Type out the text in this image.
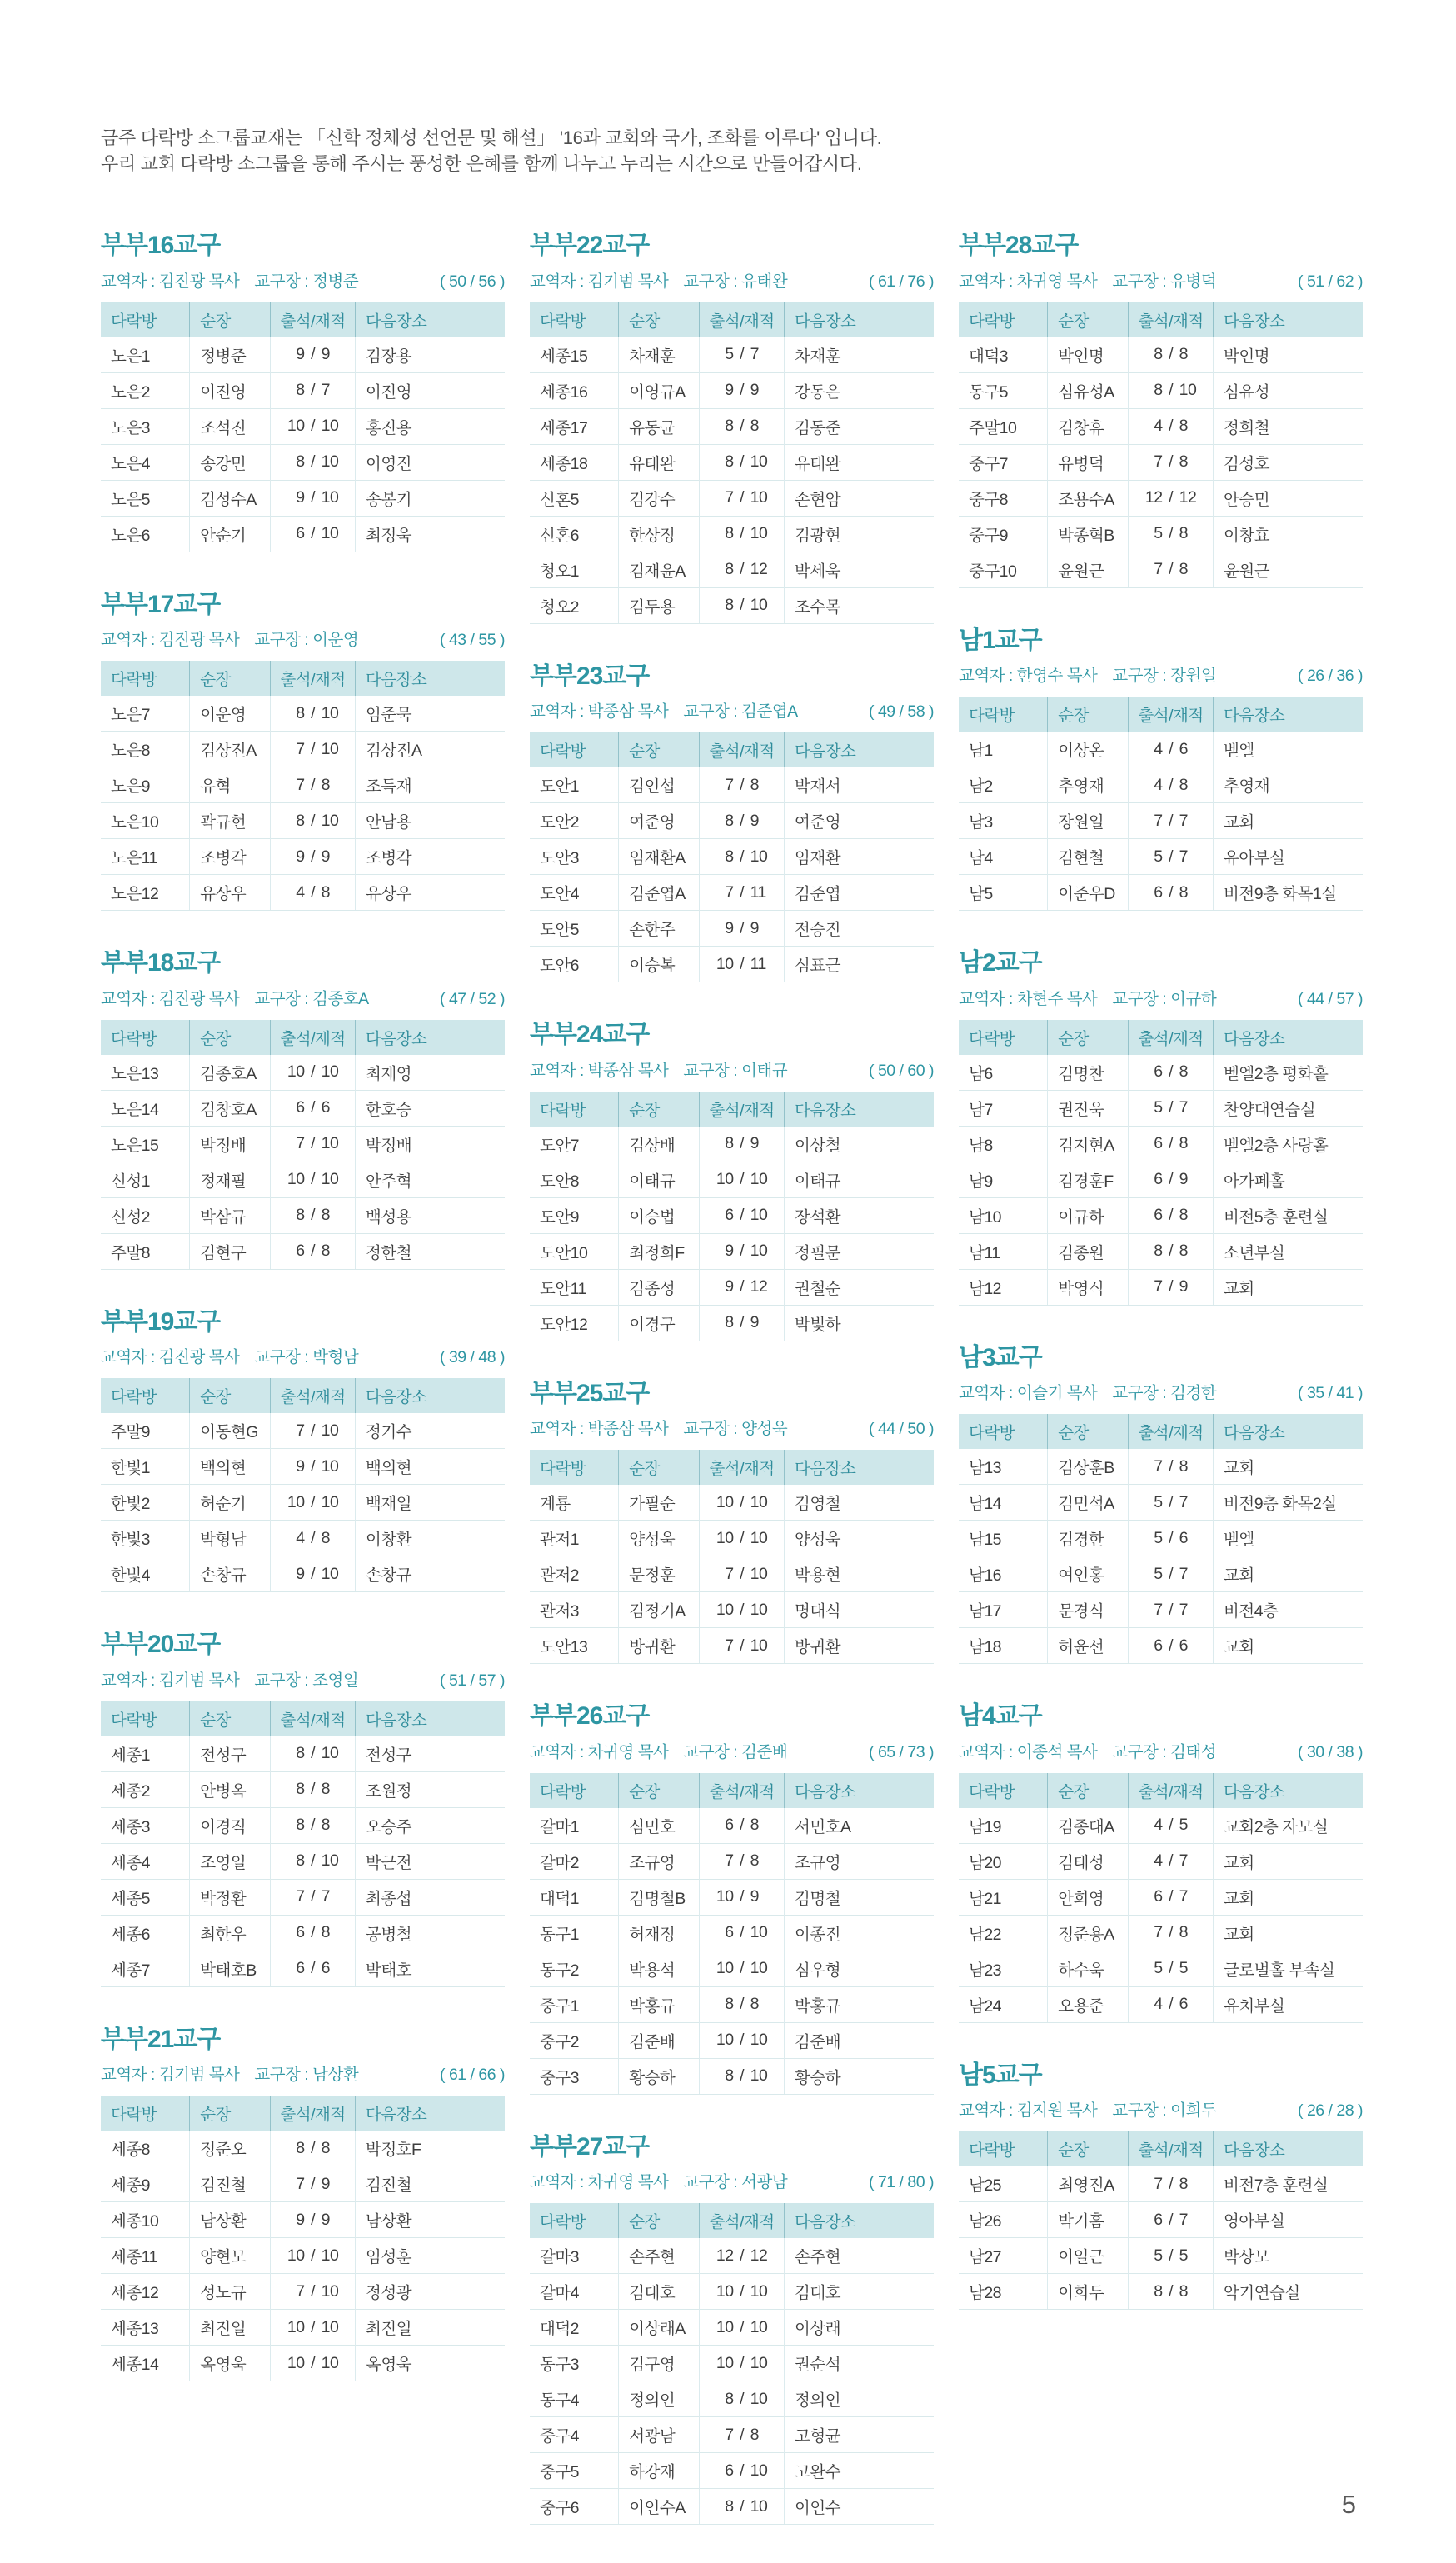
금주 다락방 소그룹교재는 「신학 정체성 선언문 및 해설」 '16과 교회와 국가, 조화를 이루다' 입니다.

우리 교회 다락방 소그룹을 통해 주시는 풍성한 은혜를 함께 나누고 누리는 시간으로 만들어갑시다.

부부16교구
교역자 : 김진광 목사 교구장 : 정병준	( 50 / 56 )
다락방	순장	출석/재적	다음장소
노은1	정병준	9 / 9	김장용
노은2	이진영	8 / 7	이진영
노은3	조석진	10 / 10	홍진용
노은4	송강민	8 / 10	이영진
노은5	김성수A	9 / 10	송봉기
노은6	안순기	6 / 10	최정욱
부부17교구
교역자 : 김진광 목사 교구장 : 이운영	( 43 / 55 )
다락방	순장	출석/재적	다음장소
노은7	이운영	8 / 10	임준묵
노은8	김상진A	7 / 10	김상진A
노은9	유혁	7 / 8	조득재
노은10	곽규현	8 / 10	안남용
노은11	조병각	9 / 9	조병각
노은12	유상우	4 / 8	유상우
부부18교구
교역자 : 김진광 목사 교구장 : 김종호A	( 47 / 52 )
다락방	순장	출석/재적	다음장소
노은13	김종호A	10 / 10	최재영
노은14	김창호A	6 / 6	한호승
노은15	박정배	7 / 10	박정배
신성1	정재필	10 / 10	안주혁
신성2	박삼규	8 / 8	백성용
주말8	김현구	6 / 8	정한철
부부19교구
교역자 : 김진광 목사 교구장 : 박형남	( 39 / 48 )
다락방	순장	출석/재적	다음장소
주말9	이동현G	7 / 10	정기수
한빛1	백의현	9 / 10	백의현
한빛2	허순기	10 / 10	백재일
한빛3	박형남	4 / 8	이창환
한빛4	손창규	9 / 10	손창규
부부20교구
교역자 : 김기범 목사 교구장 : 조영일	( 51 / 57 )
다락방	순장	출석/재적	다음장소
세종1	전성구	8 / 10	전성구
세종2	안병옥	8 / 8	조원정
세종3	이경직	8 / 8	오승주
세종4	조영일	8 / 10	박근전
세종5	박정환	7 / 7	최종섭
세종6	최한우	6 / 8	공병철
세종7	박태호B	6 / 6	박태호
부부21교구
교역자 : 김기범 목사 교구장 : 남상환	( 61 / 66 )
다락방	순장	출석/재적	다음장소
세종8	정준오	8 / 8	박정호F
세종9	김진철	7 / 9	김진철
세종10	남상환	9 / 9	남상환
세종11	양현모	10 / 10	임성훈
세종12	성노규	7 / 10	정성광
세종13	최진일	10 / 10	최진일
세종14	옥영욱	10 / 10	옥영욱
부부22교구
교역자 : 김기범 목사 교구장 : 유태완	( 61 / 76 )
다락방	순장	출석/재적	다음장소
세종15	차재훈	5 / 7	차재훈
세종16	이영규A	9 / 9	강동은
세종17	유동균	8 / 8	김동준
세종18	유태완	8 / 10	유태완
신혼5	김강수	7 / 10	손현암
신혼6	한상정	8 / 10	김광현
청오1	김재윤A	8 / 12	박세욱
청오2	김두용	8 / 10	조수목
부부23교구
교역자 : 박종삼 목사 교구장 : 김준엽A	( 49 / 58 )
다락방	순장	출석/재적	다음장소
도안1	김인섭	7 / 8	박재서
도안2	여준영	8 / 9	여준영
도안3	임재환A	8 / 10	임재환
도안4	김준엽A	7 / 11	김준엽
도안5	손한주	9 / 9	전승진
도안6	이승복	10 / 11	심표근
부부24교구
교역자 : 박종삼 목사 교구장 : 이태규	( 50 / 60 )
다락방	순장	출석/재적	다음장소
도안7	김상배	8 / 9	이상철
도안8	이태규	10 / 10	이태규
도안9	이승법	6 / 10	장석환
도안10	최정희F	9 / 10	정필문
도안11	김종성	9 / 12	권철순
도안12	이경구	8 / 9	박빛하
부부25교구
교역자 : 박종삼 목사 교구장 : 양성욱	( 44 / 50 )
다락방	순장	출석/재적	다음장소
계룡	가필순	10 / 10	김영철
관저1	양성욱	10 / 10	양성욱
관저2	문정훈	7 / 10	박용현
관저3	김정기A	10 / 10	명대식
도안13	방귀환	7 / 10	방귀환
부부26교구
교역자 : 차귀영 목사 교구장 : 김준배	( 65 / 73 )
다락방	순장	출석/재적	다음장소
갈마1	심민호	6 / 8	서민호A
갈마2	조규영	7 / 8	조규영
대덕1	김명철B	10 / 9	김명철
동구1	허재정	6 / 10	이종진
동구2	박용석	10 / 10	심우형
중구1	박홍규	8 / 8	박홍규
중구2	김준배	10 / 10	김준배
중구3	황승하	8 / 10	황승하
부부27교구
교역자 : 차귀영 목사 교구장 : 서광남	( 71 / 80 )
다락방	순장	출석/재적	다음장소
갈마3	손주현	12 / 12	손주현
갈마4	김대호	10 / 10	김대호
대덕2	이상래A	10 / 10	이상래
동구3	김구영	10 / 10	권순석
동구4	정의인	8 / 10	정의인
중구4	서광남	7 / 8	고형균
중구5	하강재	6 / 10	고완수
중구6	이인수A	8 / 10	이인수
부부28교구
교역자 : 차귀영 목사 교구장 : 유병덕	( 51 / 62 )
다락방	순장	출석/재적	다음장소
대덕3	박인명	8 / 8	박인명
동구5	심유성A	8 / 10	심유성
주말10	김창휴	4 / 8	정희철
중구7	유병덕	7 / 8	김성호
중구8	조용수A	12 / 12	안승민
중구9	박종혁B	5 / 8	이창효
중구10	윤원근	7 / 8	윤원근
남1교구
교역자 : 한영수 목사 교구장 : 장원일	( 26 / 36 )
다락방	순장	출석/재적	다음장소
남1	이상온	4 / 6	벧엘
남2	추영재	4 / 8	추영재
남3	장원일	7 / 7	교회
남4	김현철	5 / 7	유아부실
남5	이준우D	6 / 8	비전9층 화목1실
남2교구
교역자 : 차현주 목사 교구장 : 이규하	( 44 / 57 )
다락방	순장	출석/재적	다음장소
남6	김명찬	6 / 8	벧엘2층 평화홀
남7	권진욱	5 / 7	찬양대연습실
남8	김지현A	6 / 8	벧엘2층 사랑홀
남9	김경훈F	6 / 9	아가페홀
남10	이규하	6 / 8	비전5층 훈련실
남11	김종원	8 / 8	소년부실
남12	박영식	7 / 9	교회
남3교구
교역자 : 이슬기 목사 교구장 : 김경한	( 35 / 41 )
다락방	순장	출석/재적	다음장소
남13	김상훈B	7 / 8	교회
남14	김민석A	5 / 7	비전9층 화목2실
남15	김경한	5 / 6	벧엘
남16	여인홍	5 / 7	교회
남17	문경식	7 / 7	비전4층
남18	허윤선	6 / 6	교회
남4교구
교역자 : 이종석 목사 교구장 : 김태성	( 30 / 38 )
다락방	순장	출석/재적	다음장소
남19	김종대A	4 / 5	교회2층 자모실
남20	김태성	4 / 7	교회
남21	안희영	6 / 7	교회
남22	정준용A	7 / 8	교회
남23	하수욱	5 / 5	글로벌홀 부속실
남24	오용준	4 / 6	유치부실
남5교구
교역자 : 김지원 목사 교구장 : 이희두	( 26 / 28 )
다락방	순장	출석/재적	다음장소
남25	최영진A	7 / 8	비전7층 훈련실
남26	박기흠	6 / 7	영아부실
남27	이일근	5 / 5	박상모
남28	이희두	8 / 8	악기연습실
5
